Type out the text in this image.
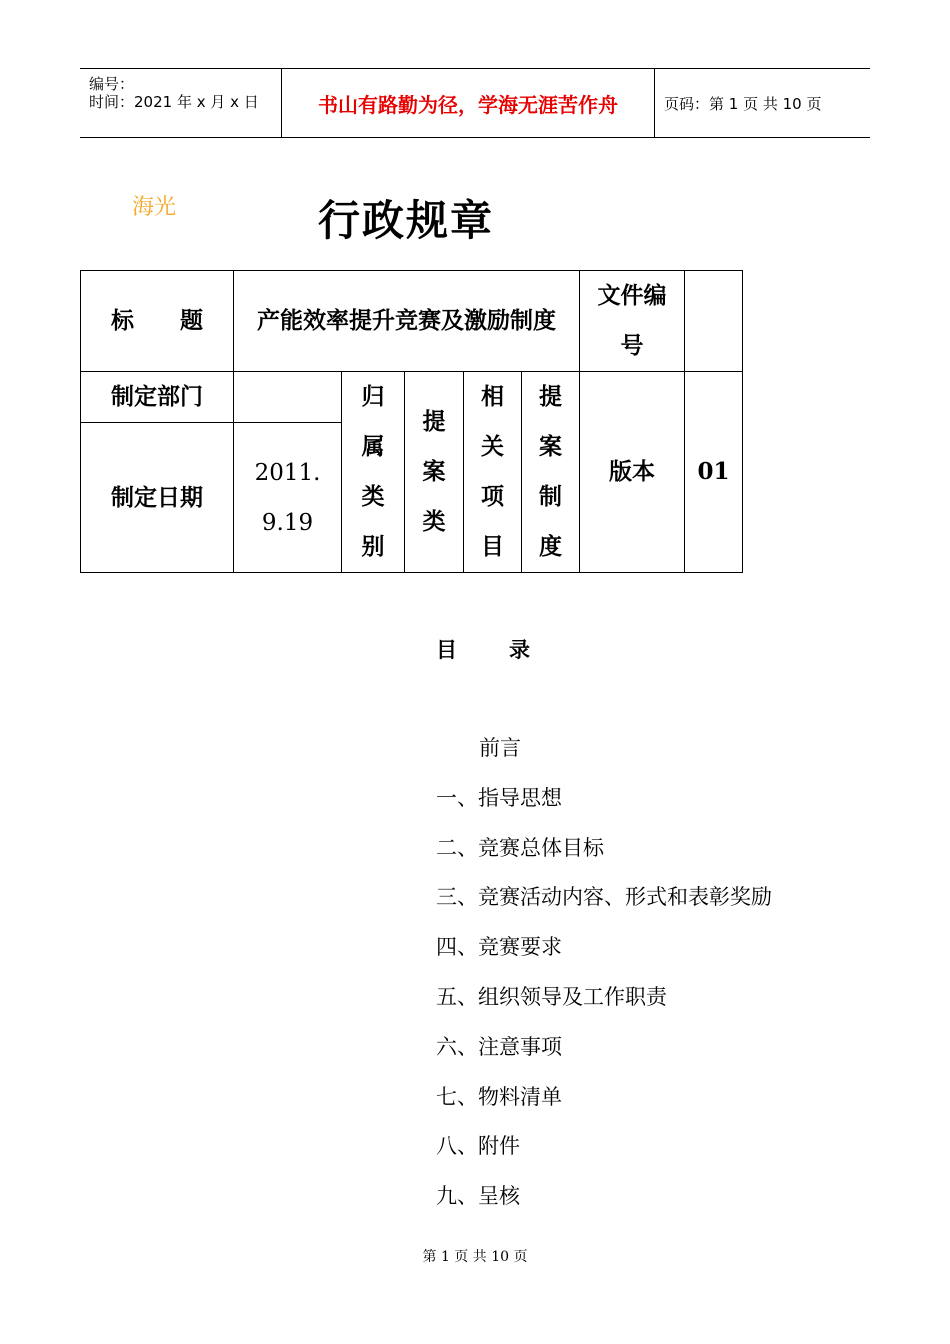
编号：
时间：2021 年 x 月 x 日	书山有路勤为径，学海无涯苦作舟	页码：第 1 页 共 10 页
海光	行政规章
标　　题	产能效率提升竞赛及激励制度					文件编号	
制定部门		归属类别	提案类	相关项目	提案制度	版本	01
制定日期	2011.9.19						
目 录
前言
一、指导思想
二、竞赛总体目标
三、竞赛活动内容、形式和表彰奖励
四、竞赛要求
五、组织领导及工作职责
六、注意事项
七、物料清单
八、附件
九、呈核
第 1 页 共 10 页
